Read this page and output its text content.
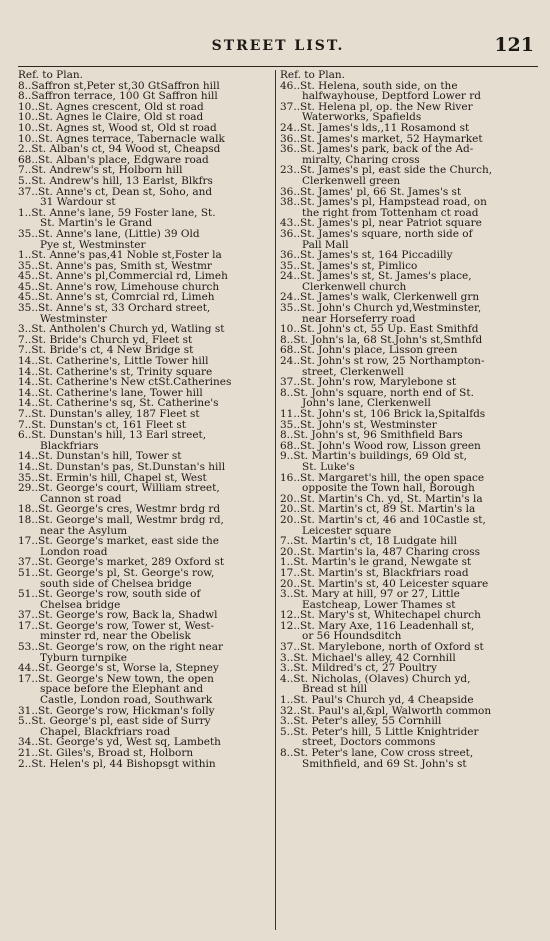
STREET LIST.	121
Ref. to Plan.
8..Saffron st,Peter st,30 GtSaffron hill
8..Saffron terrace, 100 Gt Saffron hill
10..St. Agnes crescent, Old st road
10..St. Agnes le Claire, Old st road
10..St. Agnes st, Wood st, Old st road
10..St. Agnes terrace, Tabernacle walk
2..St. Alban's ct, 94 Wood st, Cheapsd
68..St. Alban's place, Edgware road
7..St. Andrew's st, Holborn hill
5..St. Andrew's hill, 13 Earlst, Blkfrs
37..St. Anne's ct, Dean st, Soho, and
31 Wardour st
1..St. Anne's lane, 59 Foster lane, St.
St. Martin's le Grand
35..St. Anne's lane, (Little) 39 Old
Pye st, Westminster
1..St. Anne's pas,41 Noble st,Foster la
35..St. Anne's pas, Smith st, Westmr
45..St. Anne's pl,Commercial rd, Limeh
45..St. Anne's row, Limehouse church
45..St. Anne's st, Comrcial rd, Limeh
35..St. Anne's st, 33 Orchard street,
Westminster
3..St. Antholen's Church yd, Watling st
7..St. Bride's Church yd, Fleet st
7..St. Bride's ct, 4 New Bridge st
14..St. Catherine's, Little Tower hill
14..St. Catherine's st, Trinity square
14..St. Catherine's New ctSt.Catherines
14..St. Catherine's lane, Tower hill
14..St. Catherine's sq, St. Catherine's
7..St. Dunstan's alley, 187 Fleet st
7..St. Dunstan's ct, 161 Fleet st
6..St. Dunstan's hill, 13 Earl street,
Blackfriars
14..St. Dunstan's hill, Tower st
14..St. Dunstan's pas, St.Dunstan's hill
35..St. Ermin's hill, Chapel st, West
29..St. George's court, William street,
Cannon st road
18..St. George's cres, Westmr brdg rd
18..St. George's mall, Westmr brdg rd,
near the Asylum
17..St. George's market, east side the
London road
37..St. George's market, 289 Oxford st
51..St. George's pl, St. George's row,
south side of Chelsea bridge
51..St. George's row, south side of
Chelsea bridge
37..St. George's row, Back la, Shadwl
17..St. George's row, Tower st, West-
minster rd, near the Obelisk
53..St. George's row, on the right near
Tyburn turnpike
44..St. George's st, Worse la, Stepney
17..St. George's New town, the open
space before the Elephant and
Castle, London road, Southwark
31..St. George's row, Hickman's folly
5..St. George's pl, east side of Surry
Chapel, Blackfriars road
34..St. George's yd, West sq, Lambeth
21..St. Giles's, Broad st, Holborn
2..St. Helen's pl, 44 Bishopsgt within
Ref. to Plan.
46..St. Helena, south side, on the
halfwayhouse, Deptford Lower rd
37..St. Helena pl, op. the New River
Waterworks, Spafields
24..St. James's lds,,11 Rosamond st
36..St. James's market, 52 Haymarket
36..St. James's park, back of the Ad-
miralty, Charing cross
23..St. James's pl, east side the Church,
Clerkenwell green
36..St. James' pl, 66 St. James's st
38..St. James's pl, Hampstead road, on
the right from Tottenham ct road
43..St. James's pl, near Patriot square
36..St. James's square, north side of
Pall Mall
36..St. James's st, 164 Piccadilly
35..St. James's st, Pimlico
24..St. James's st, St. James's place,
Clerkenwell church
24..St. James's walk, Clerkenwell grn
35..St. John's Church yd,Westminster,
near Horseferry road
10..St. John's ct, 55 Up. East Smithfd
8..St. John's la, 68 St.John's st,Smthfd
68..St. John's place, Lisson green
24..St. John's st row, 25 Northampton-
street, Clerkenwell
37..St. John's row, Marylebone st
8..St. John's square, north end of St.
John's lane, Clerkenwell
11..St. John's st, 106 Brick la,Spitalfds
35..St. John's st, Westminster
8..St. John's st, 96 Smithfield Bars
68..St. John's Wood row, Lisson green
9..St. Martin's buildings, 69 Old st,
St. Luke's
16..St. Margaret's hill, the open space
opposite the Town hall, Borough
20..St. Martin's Ch. yd, St. Martin's la
20..St. Martin's ct, 89 St. Martin's la
20..St. Martin's ct, 46 and 10Castle st,
Leicester square
7..St. Martin's ct, 18 Ludgate hill
20..St. Martin's la, 487 Charing cross
1..St. Martin's le grand, Newgate st
17..St. Martin's st, Blackfriars road
20..St. Martin's st, 40 Leicester square
3..St. Mary at hill, 97 or 27, Little
Eastcheap, Lower Thames st
12..St. Mary's st, Whitechapel church
12..St. Mary Axe, 116 Leadenhall st,
or 56 Houndsditch
37..St. Marylebone, north of Oxford st
3..St. Michael's alley, 42 Cornhill
3..St. Mildred's ct, 27 Poultry
4..St. Nicholas, (Olaves) Church yd,
Bread st hill
1..St. Paul's Church yd, 4 Cheapside
32..St. Paul's al,&pl, Walworth common
3..St. Peter's alley, 55 Cornhill
5..St. Peter's hill, 5 Little Knightrider
street, Doctors commons
8..St. Peter's lane, Cow cross street,
Smithfield, and 69 St. John's st
